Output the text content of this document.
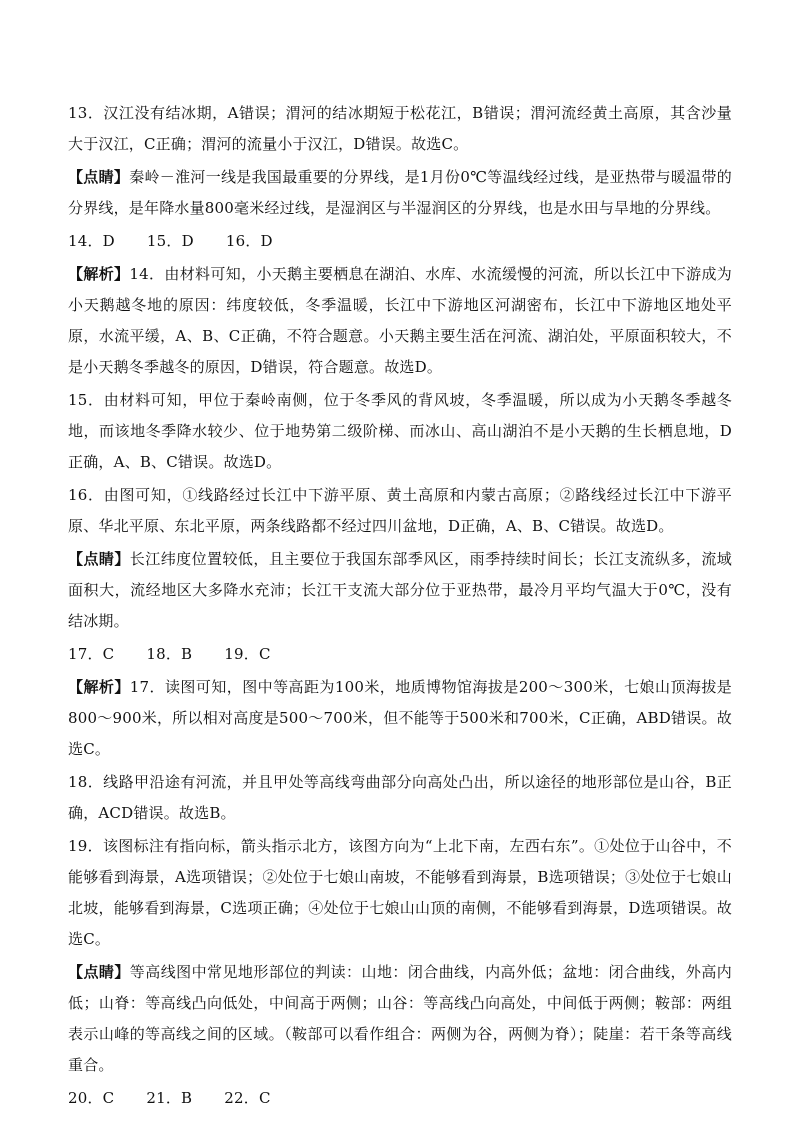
13．汉江没有结冰期，A错误；渭河的结冰期短于松花江，B错误；渭河流经黄土高原，其含沙量大于汉江，C正确；渭河的流量小于汉江，D错误。故选C。

【点睛】秦岭－淮河一线是我国最重要的分界线，是1月份0℃等温线经过线，是亚热带与暖温带的分界线，是年降水量800毫米经过线，是湿润区与半湿润区的分界线，也是水田与旱地的分界线。

14．D 15．D 16．D

【解析】14．由材料可知，小天鹅主要栖息在湖泊、水库、水流缓慢的河流，所以长江中下游成为小天鹅越冬地的原因：纬度较低，冬季温暖，长江中下游地区河湖密布，长江中下游地区地处平原，水流平缓，A、B、C正确，不符合题意。小天鹅主要生活在河流、湖泊处，平原面积较大，不是小天鹅冬季越冬的原因，D错误，符合题意。故选D。

15．由材料可知，甲位于秦岭南侧，位于冬季风的背风坡，冬季温暖，所以成为小天鹅冬季越冬地，而该地冬季降水较少、位于地势第二级阶梯、而冰山、高山湖泊不是小天鹅的生长栖息地，D正确，A、B、C错误。故选D。

16．由图可知，①线路经过长江中下游平原、黄土高原和内蒙古高原；②路线经过长江中下游平原、华北平原、东北平原，两条线路都不经过四川盆地，D正确，A、B、C错误。故选D。

【点睛】长江纬度位置较低，且主要位于我国东部季风区，雨季持续时间长；长江支流纵多，流域面积大，流经地区大多降水充沛；长江干支流大部分位于亚热带，最冷月平均气温大于0℃，没有结冰期。

17．C 18．B 19．C

【解析】17．读图可知，图中等高距为100米，地质博物馆海拔是200～300米，七娘山顶海拔是800～900米，所以相对高度是500～700米，但不能等于500米和700米，C正确，ABD错误。故选C。

18．线路甲沿途有河流，并且甲处等高线弯曲部分向高处凸出，所以途径的地形部位是山谷，B正确，ACD错误。故选B。

19．该图标注有指向标，箭头指示北方，该图方向为“上北下南，左西右东”。①处位于山谷中，不能够看到海景，A选项错误；②处位于七娘山南坡，不能够看到海景，B选项错误；③处位于七娘山北坡，能够看到海景，C选项正确；④处位于七娘山山顶的南侧，不能够看到海景，D选项错误。故选C。

【点睛】等高线图中常见地形部位的判读：山地：闭合曲线，内高外低；盆地：闭合曲线，外高内低；山脊：等高线凸向低处，中间高于两侧；山谷：等高线凸向高处，中间低于两侧；鞍部：两组表示山峰的等高线之间的区域。（鞍部可以看作组合：两侧为谷，两侧为脊）；陡崖：若干条等高线重合。

20．C 21．B 22．C
